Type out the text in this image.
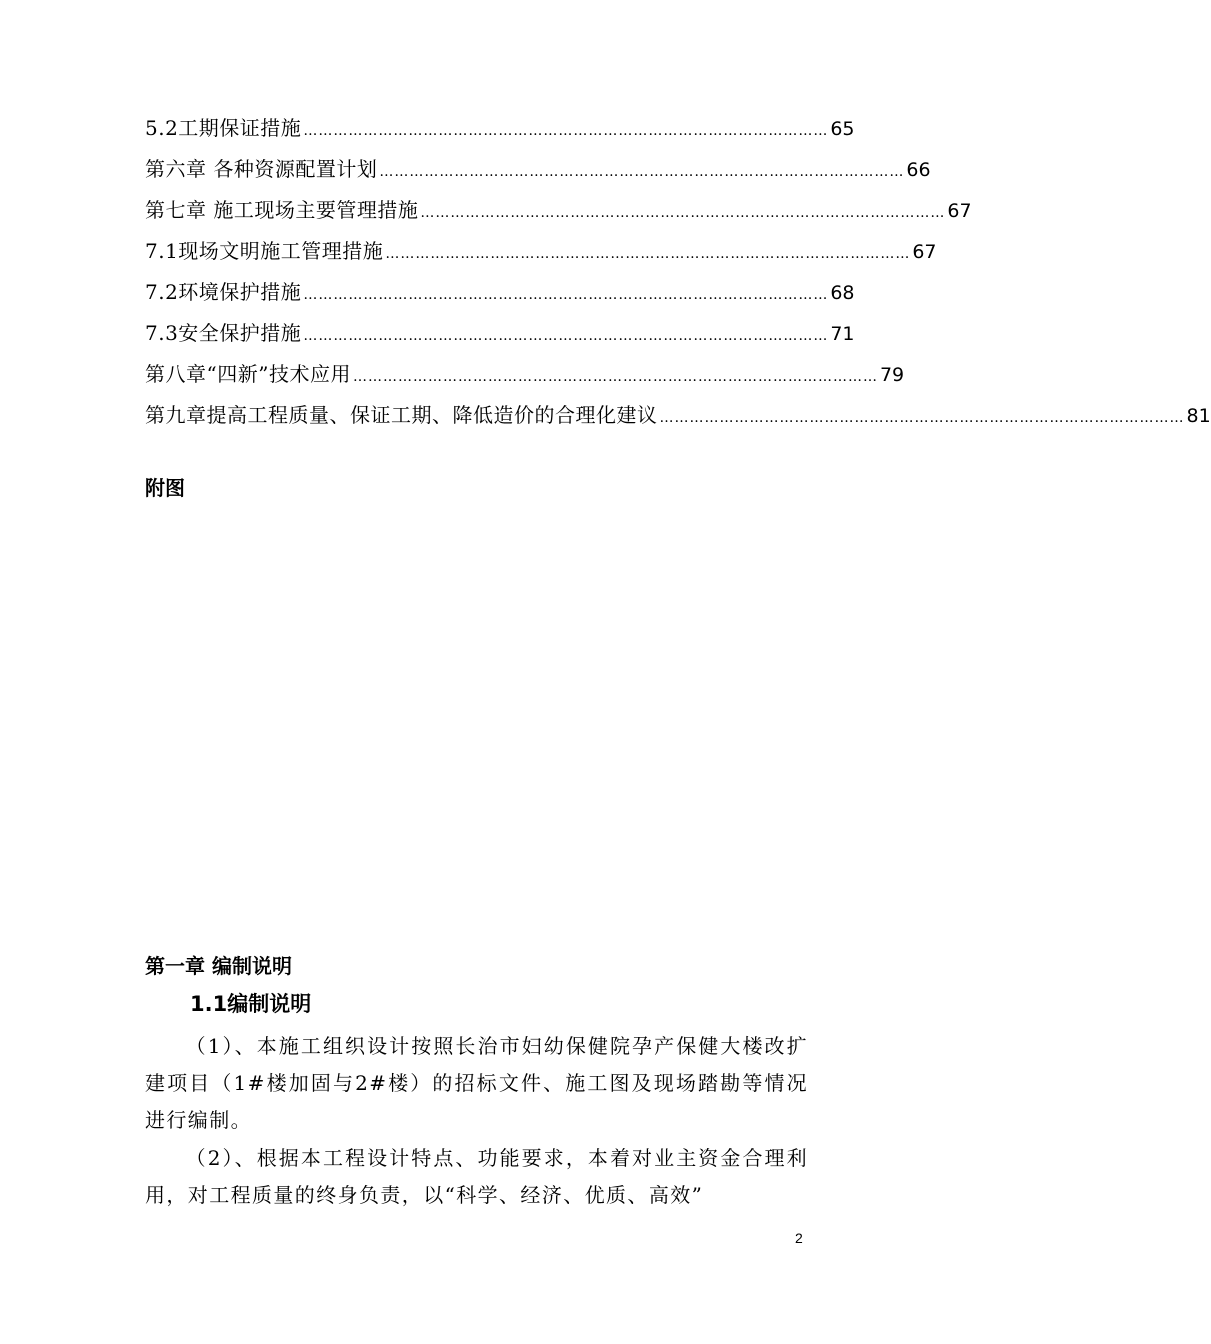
5.2工期保证措施 …………………………………………………………………………………………… 65
第六章 各种资源配置计划 …………………………………………………………………………………………… 66
第七章 施工现场主要管理措施 …………………………………………………………………………………………… 67
7.1现场文明施工管理措施 …………………………………………………………………………………………… 67
7.2环境保护措施 …………………………………………………………………………………………… 68
7.3安全保护措施 …………………………………………………………………………………………… 71
第八章“四新”技术应用 …………………………………………………………………………………………… 79
第九章提高工程质量、保证工期、降低造价的合理化建议 …………………………………………………………………………………………… 81
附图
第一章 编制说明
1.1编制说明
（1）、本施工组织设计按照长治市妇幼保健院孕产保健大楼改扩建项目（1#楼加固与2#楼）的招标文件、施工图及现场踏勘等情况进行编制。
（2）、根据本工程设计特点、功能要求，本着对业主资金合理利用，对工程质量的终身负责，以“科学、经济、优质、高效”
2
